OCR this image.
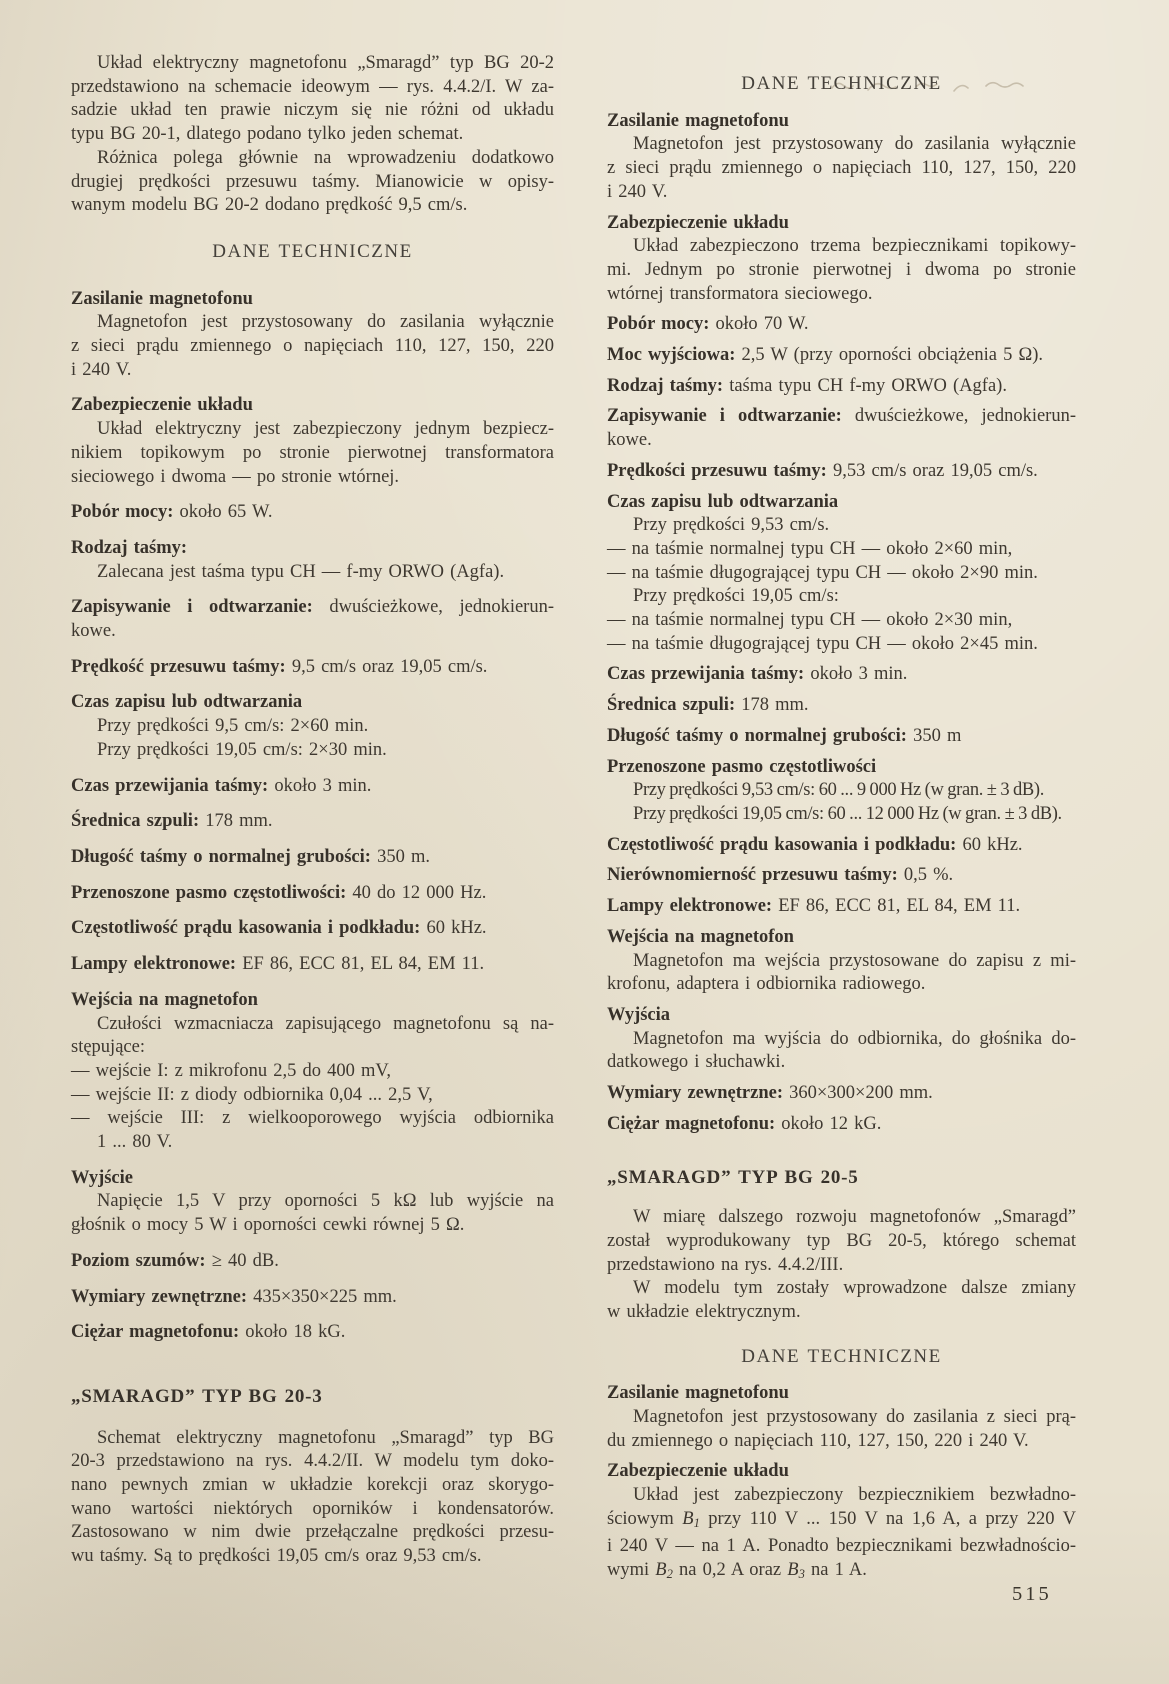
Układ elektryczny magnetofonu „Smaragd” typ BG 20-2
przedstawiono na schemacie ideowym — rys. 4.4.2/I. W za-
sadzie układ ten prawie niczym się nie różni od układu
typu BG 20-1, dlatego podano tylko jeden schemat.
Różnica polega głównie na wprowadzeniu dodatkowo
drugiej prędkości przesuwu taśmy. Mianowicie w opisy-
wanym modelu BG 20-2 dodano prędkość 9,5 cm/s.
DANE TECHNICZNE
Zasilanie magnetofonu
Magnetofon jest przystosowany do zasilania wyłącznie
z sieci prądu zmiennego o napięciach 110, 127, 150, 220
i 240 V.
Zabezpieczenie układu
Układ elektryczny jest zabezpieczony jednym bezpiecz-
nikiem topikowym po stronie pierwotnej transformatora
sieciowego i dwoma — po stronie wtórnej.
Pobór mocy: około 65 W.
Rodzaj taśmy:
Zalecana jest taśma typu CH — f-my ORWO (Agfa).
Zapisywanie i odtwarzanie: dwuścieżkowe, jednokierun-
kowe.
Prędkość przesuwu taśmy: 9,5 cm/s oraz 19,05 cm/s.
Czas zapisu lub odtwarzania
Przy prędkości 9,5 cm/s: 2×60 min.
Przy prędkości 19,05 cm/s: 2×30 min.
Czas przewijania taśmy: około 3 min.
Średnica szpuli: 178 mm.
Długość taśmy o normalnej grubości: 350 m.
Przenoszone pasmo częstotliwości: 40 do 12 000 Hz.
Częstotliwość prądu kasowania i podkładu: 60 kHz.
Lampy elektronowe: EF 86, ECC 81, EL 84, EM 11.
Wejścia na magnetofon
Czułości wzmacniacza zapisującego magnetofonu są na-
stępujące:
— wejście I: z mikrofonu 2,5 do 400 mV,
— wejście II: z diody odbiornika 0,04 ... 2,5 V,
— wejście III: z wielkooporowego wyjścia odbiornika
1 ... 80 V.
Wyjście
Napięcie 1,5 V przy oporności 5 kΩ lub wyjście na
głośnik o mocy 5 W i oporności cewki równej 5 Ω.
Poziom szumów: ≥ 40 dB.
Wymiary zewnętrzne: 435×350×225 mm.
Ciężar magnetofonu: około 18 kG.
„SMARAGD” TYP BG 20-3
Schemat elektryczny magnetofonu „Smaragd” typ BG
20-3 przedstawiono na rys. 4.4.2/II. W modelu tym doko-
nano pewnych zmian w układzie korekcji oraz skorygo-
wano wartości niektórych oporników i kondensatorów.
Zastosowano w nim dwie przełączalne prędkości przesu-
wu taśmy. Są to prędkości 19,05 cm/s oraz 9,53 cm/s.
DANE TECHNICZNE
Zasilanie magnetofonu
Magnetofon jest przystosowany do zasilania wyłącznie
z sieci prądu zmiennego o napięciach 110, 127, 150, 220
i 240 V.
Zabezpieczenie układu
Układ zabezpieczono trzema bezpiecznikami topikowy-
mi. Jednym po stronie pierwotnej i dwoma po stronie
wtórnej transformatora sieciowego.
Pobór mocy: około 70 W.
Moc wyjściowa: 2,5 W (przy oporności obciążenia 5 Ω).
Rodzaj taśmy: taśma typu CH f-my ORWO (Agfa).
Zapisywanie i odtwarzanie: dwuścieżkowe, jednokierun-
kowe.
Prędkości przesuwu taśmy: 9,53 cm/s oraz 19,05 cm/s.
Czas zapisu lub odtwarzania
Przy prędkości 9,53 cm/s.
— na taśmie normalnej typu CH — około 2×60 min,
— na taśmie długogrającej typu CH — około 2×90 min.
Przy prędkości 19,05 cm/s:
— na taśmie normalnej typu CH — około 2×30 min,
— na taśmie długogrającej typu CH — około 2×45 min.
Czas przewijania taśmy: około 3 min.
Średnica szpuli: 178 mm.
Długość taśmy o normalnej grubości: 350 m
Przenoszone pasmo częstotliwości
Przy prędkości 9,53 cm/s: 60 ... 9 000 Hz (w gran. ± 3 dB).
Przy prędkości 19,05 cm/s: 60 ... 12 000 Hz (w gran. ± 3 dB).
Częstotliwość prądu kasowania i podkładu: 60 kHz.
Nierównomierność przesuwu taśmy: 0,5 %.
Lampy elektronowe: EF 86, ECC 81, EL 84, EM 11.
Wejścia na magnetofon
Magnetofon ma wejścia przystosowane do zapisu z mi-
krofonu, adaptera i odbiornika radiowego.
Wyjścia
Magnetofon ma wyjścia do odbiornika, do głośnika do-
datkowego i słuchawki.
Wymiary zewnętrzne: 360×300×200 mm.
Ciężar magnetofonu: około 12 kG.
„SMARAGD” TYP BG 20-5
W miarę dalszego rozwoju magnetofonów „Smaragd”
został wyprodukowany typ BG 20-5, którego schemat
przedstawiono na rys. 4.4.2/III.
W modelu tym zostały wprowadzone dalsze zmiany
w układzie elektrycznym.
DANE TECHNICZNE
Zasilanie magnetofonu
Magnetofon jest przystosowany do zasilania z sieci prą-
du zmiennego o napięciach 110, 127, 150, 220 i 240 V.
Zabezpieczenie układu
Układ jest zabezpieczony bezpiecznikiem bezwładno-
ściowym B1 przy 110 V ... 150 V na 1,6 A, a przy 220 V
i 240 V — na 1 A. Ponadto bezpiecznikami bezwładnościo-
wymi B2 na 0,2 A oraz B3 na 1 A.
515
